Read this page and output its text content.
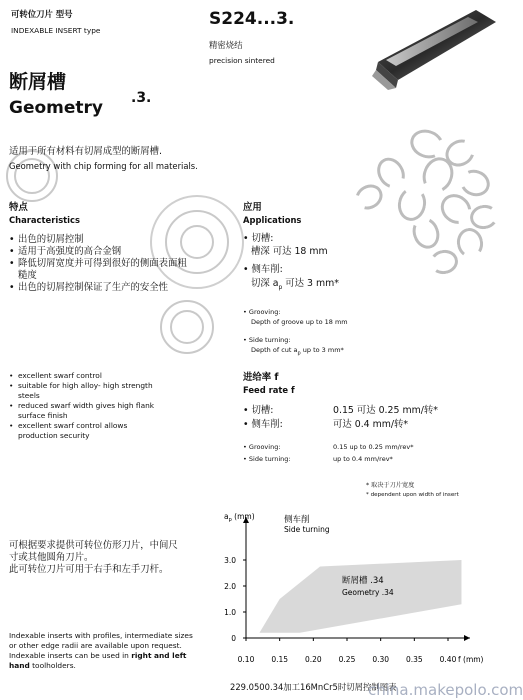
可转位刀片 型号
INDEXABLE INSERT type
S224...3.
精密烧结
precision sintered
断屑槽
Geometry .3.
适用于所有材料有切屑成型的断屑槽.
Geometry with chip forming for all materials.
特点
Characteristics
• 出色的切屑控制
• 适用于高强度的高合金钢
• 降低切屑宽度并可得到很好的侧面表面粗糙度
• 出色的切屑控制保证了生产的安全性
• excellent swarf control
• suitable for high alloy- high strength steels
• reduced swarf width gives high flank surface finish
• excellent swarf control allows production security
应用
Applications
• 切槽:
槽深 可达 18 mm
• 侧车削:
切深 $a_p$ 可达 3 mm*
• Grooving:
Depth of groove up to 18 mm
• Side turning:
Depth of cut $a_p$ up to 3 mm*
进给率 f
Feed rate f
• 切槽:	0.15 可达 0.25 mm/转*
• 侧车削:	可达 0.4 mm/转*
• Grooving:	0.15 up to 0.25 mm/rev*
• Side turning:	up to 0.4 mm/rev*
* 取决于刀片宽度
* dependent upon width of insert
可根据要求提供可转位仿形刀片，中间尺
寸或其他圆角刀片。
此可转位刀片可用于右手和左手刀杆。
Indexable inserts with profiles, intermediate sizes
or other edge radii are available upon request.
Indexable inserts can be used in right and left
hand toolholders.
0.10 0.15 0.20 0.25 0.30 0.35 0.40
0
1.0
2.0
3.0
$a_p$ (mm)
f (mm)
侧车削
Side turning
断屑槽 .34
Geometry .34
229.0500.34加工16MnCr5时切屑控制图表
china.makepolo.com
